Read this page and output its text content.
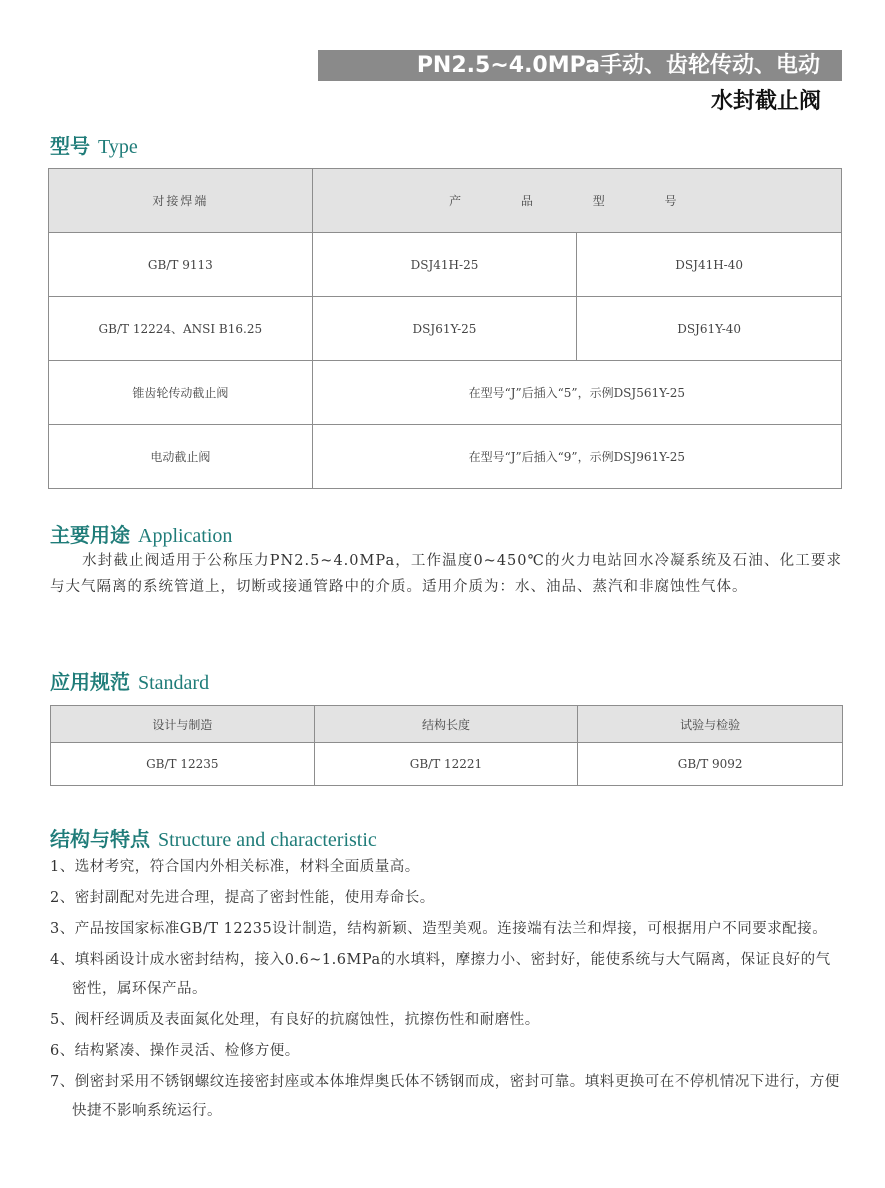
PN2.5~4.0MPa手动、齿轮传动、电动
水封截止阀
型号 Type
对接焊端	产 品 型 号	
GB/T 9113	DSJ41H-25	DSJ41H-40
GB/T 12224、ANSI B16.25	DSJ61Y-25	DSJ61Y-40
锥齿轮传动截止阀	在型号“J”后插入“5”，示例DSJ561Y-25	
电动截止阀	在型号“J”后插入“9”，示例DSJ961Y-25	
主要用途 Application
水封截止阀适用于公称压力PN2.5~4.0MPa，工作温度0~450℃的火力电站回水冷凝系统及石油、化工要求与大气隔离的系统管道上，切断或接通管路中的介质。适用介质为：水、油品、蒸汽和非腐蚀性气体。
应用规范 Standard
设计与制造	结构长度	试验与检验
GB/T 12235	GB/T 12221	GB/T 9092
结构与特点 Structure and characteristic
1、选材考究，符合国内外相关标准，材料全面质量高。
2、密封副配对先进合理，提高了密封性能，使用寿命长。
3、产品按国家标准GB/T 12235设计制造，结构新颖、造型美观。连接端有法兰和焊接，可根据用户不同要求配接。
4、填料函设计成水密封结构，接入0.6~1.6MPa的水填料，摩擦力小、密封好，能使系统与大气隔离，保证良好的气密性，属环保产品。
5、阀杆经调质及表面氮化处理，有良好的抗腐蚀性，抗擦伤性和耐磨性。
6、结构紧凑、操作灵活、检修方便。
7、倒密封采用不锈钢螺纹连接密封座或本体堆焊奥氏体不锈钢而成，密封可靠。填料更换可在不停机情况下进行，方便快捷不影响系统运行。
